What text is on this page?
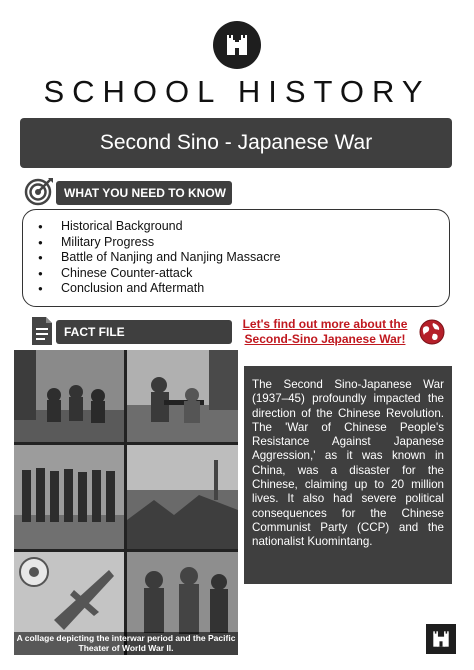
SCHOOL HISTORY
Second Sino - Japanese War
WHAT YOU NEED TO KNOW
● Historical Background
● Military Progress
● Battle of Nanjing and Nanjing Massacre
● Chinese Counter-attack
● Conclusion and Aftermath
FACT FILE
Let's find out more about the
Second-Sino Japanese War!
A collage depicting the interwar period and the Pacific
Theater of World War II.
The Second Sino-Japanese War (1937–45) profoundly impacted the direction of the Chinese Revolution. The 'War of Chinese People's Resistance Against Japanese Aggression,' as it was known in China, was a disaster for the Chinese, claiming up to 20 million lives. It also had severe political consequences for the Chinese Communist Party (CCP) and the nationalist Kuomintang.
